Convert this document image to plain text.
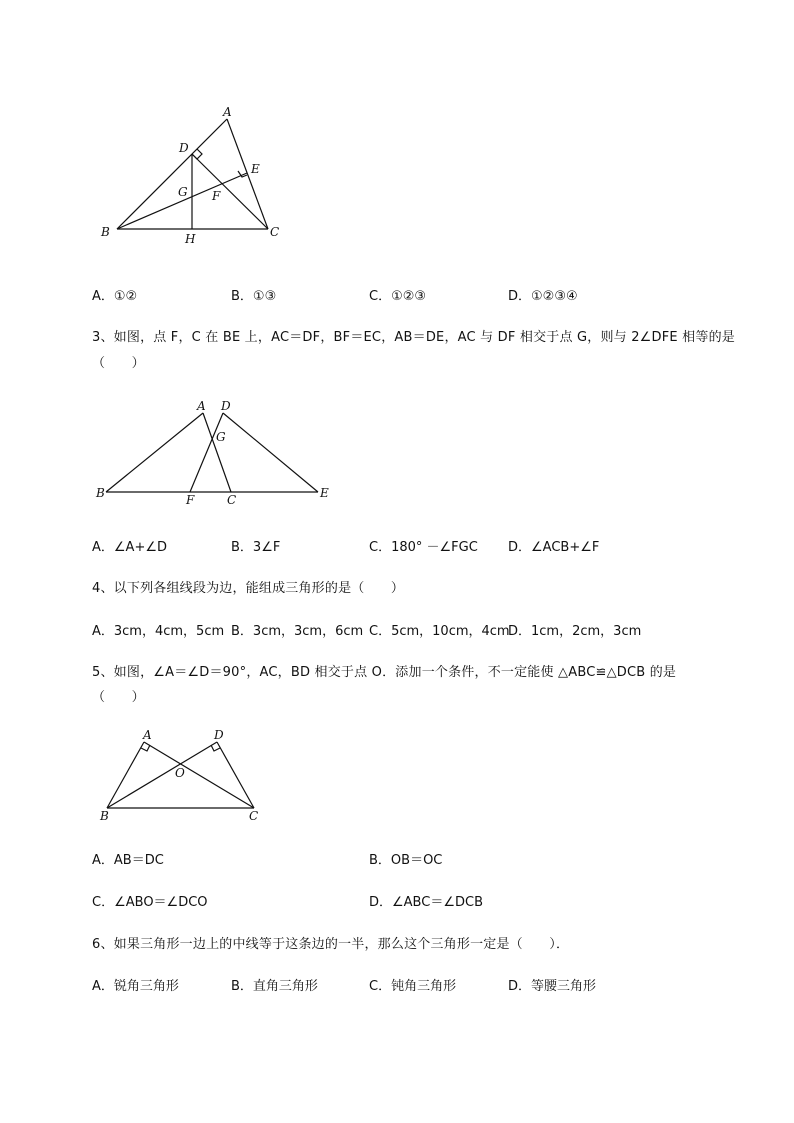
A
D
E
G F
B	H	C
A．①②	B．①③	C．①②③	D．①②③④
3、如图，点 F，C 在 BE 上，AC＝DF，BF＝EC，AB＝DE，AC 与 DF 相交于点 G，则与 2∠DFE 相等的是
（　　）
A D
G
B	F	C	E
A．∠A+∠D	B．3∠F	C．180° －∠FGC D．∠ACB+∠F
4、以下列各组线段为边，能组成三角形的是（　　）
A．3cm，4cm，5cm B．3cm，3cm，6cm C．5cm，10cm，4cm
D．1cm，2cm，3cm
5、如图，∠A＝∠D＝90°，AC，BD 相交于点 O．添加一个条件，不一定能使 △ABC≌△DCB 的是
（　　）
A	D
O
B	C
A．AB＝DC	B．OB＝OC
C．∠ABO＝∠DCO	D．∠ABC＝∠DCB
6、如果三角形一边上的中线等于这条边的一半，那么这个三角形一定是（　　）．
A．锐角三角形	B．直角三角形	C．钝角三角形	D．等腰三角形
